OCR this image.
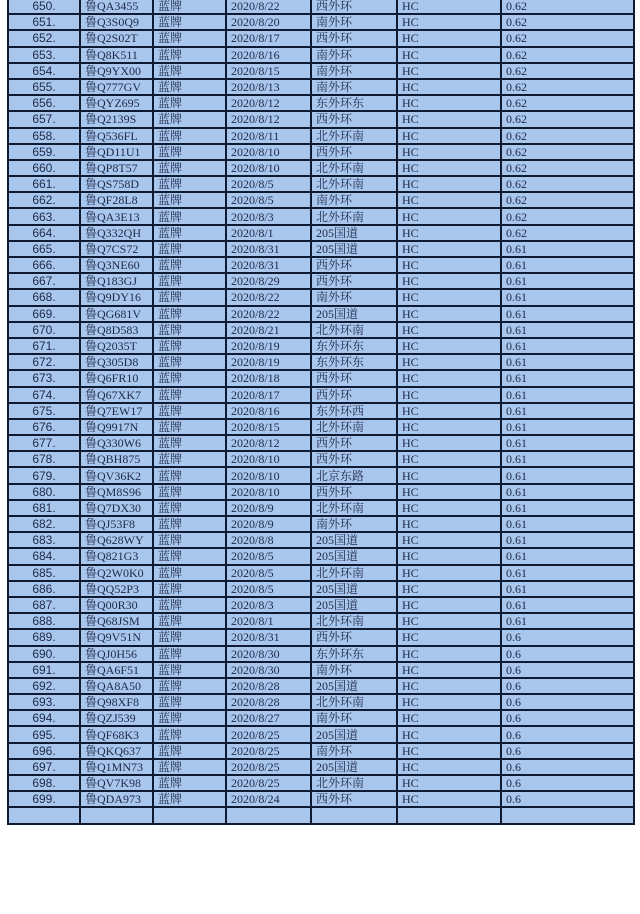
650.	鲁QA3455	蓝牌	2020/8/22	西外环	HC	0.62
651.	鲁Q3S0Q9	蓝牌	2020/8/20	南外环	HC	0.62
652.	鲁Q2S02T	蓝牌	2020/8/17	西外环	HC	0.62
653.	鲁Q8K511	蓝牌	2020/8/16	南外环	HC	0.62
654.	鲁Q9YX00	蓝牌	2020/8/15	南外环	HC	0.62
655.	鲁Q777GV	蓝牌	2020/8/13	南外环	HC	0.62
656.	鲁QYZ695	蓝牌	2020/8/12	东外环东	HC	0.62
657.	鲁Q2139S	蓝牌	2020/8/12	西外环	HC	0.62
658.	鲁Q536FL	蓝牌	2020/8/11	北外环南	HC	0.62
659.	鲁QD11U1	蓝牌	2020/8/10	西外环	HC	0.62
660.	鲁QP8T57	蓝牌	2020/8/10	北外环南	HC	0.62
661.	鲁QS758D	蓝牌	2020/8/5	北外环南	HC	0.62
662.	鲁QF28L8	蓝牌	2020/8/5	南外环	HC	0.62
663.	鲁QA3E13	蓝牌	2020/8/3	北外环南	HC	0.62
664.	鲁Q332QH	蓝牌	2020/8/1	205国道	HC	0.62
665.	鲁Q7CS72	蓝牌	2020/8/31	205国道	HC	0.61
666.	鲁Q3NE60	蓝牌	2020/8/31	西外环	HC	0.61
667.	鲁Q183GJ	蓝牌	2020/8/29	西外环	HC	0.61
668.	鲁Q9DY16	蓝牌	2020/8/22	南外环	HC	0.61
669.	鲁QG681V	蓝牌	2020/8/22	205国道	HC	0.61
670.	鲁Q8D583	蓝牌	2020/8/21	北外环南	HC	0.61
671.	鲁Q2035T	蓝牌	2020/8/19	东外环东	HC	0.61
672.	鲁Q305D8	蓝牌	2020/8/19	东外环东	HC	0.61
673.	鲁Q6FR10	蓝牌	2020/8/18	西外环	HC	0.61
674.	鲁Q67XK7	蓝牌	2020/8/17	西外环	HC	0.61
675.	鲁Q7EW17	蓝牌	2020/8/16	东外环西	HC	0.61
676.	鲁Q9917N	蓝牌	2020/8/15	北外环南	HC	0.61
677.	鲁Q330W6	蓝牌	2020/8/12	西外环	HC	0.61
678.	鲁QBH875	蓝牌	2020/8/10	西外环	HC	0.61
679.	鲁QV36K2	蓝牌	2020/8/10	北京东路	HC	0.61
680.	鲁QM8S96	蓝牌	2020/8/10	西外环	HC	0.61
681.	鲁Q7DX30	蓝牌	2020/8/9	北外环南	HC	0.61
682.	鲁QJ53F8	蓝牌	2020/8/9	南外环	HC	0.61
683.	鲁Q628WY	蓝牌	2020/8/8	205国道	HC	0.61
684.	鲁Q821G3	蓝牌	2020/8/5	205国道	HC	0.61
685.	鲁Q2W0K0	蓝牌	2020/8/5	北外环南	HC	0.61
686.	鲁QQ52P3	蓝牌	2020/8/5	205国道	HC	0.61
687.	鲁Q00R30	蓝牌	2020/8/3	205国道	HC	0.61
688.	鲁Q68JSM	蓝牌	2020/8/1	北外环南	HC	0.61
689.	鲁Q9V51N	蓝牌	2020/8/31	西外环	HC	0.6
690.	鲁QJ0H56	蓝牌	2020/8/30	东外环东	HC	0.6
691.	鲁QA6F51	蓝牌	2020/8/30	南外环	HC	0.6
692.	鲁QA8A50	蓝牌	2020/8/28	205国道	HC	0.6
693.	鲁Q98XF8	蓝牌	2020/8/28	北外环南	HC	0.6
694.	鲁QZJ539	蓝牌	2020/8/27	南外环	HC	0.6
695.	鲁QF68K3	蓝牌	2020/8/25	205国道	HC	0.6
696.	鲁QKQ637	蓝牌	2020/8/25	南外环	HC	0.6
697.	鲁Q1MN73	蓝牌	2020/8/25	205国道	HC	0.6
698.	鲁QV7K98	蓝牌	2020/8/25	北外环南	HC	0.6
699.	鲁QDA973	蓝牌	2020/8/24	西外环	HC	0.6
